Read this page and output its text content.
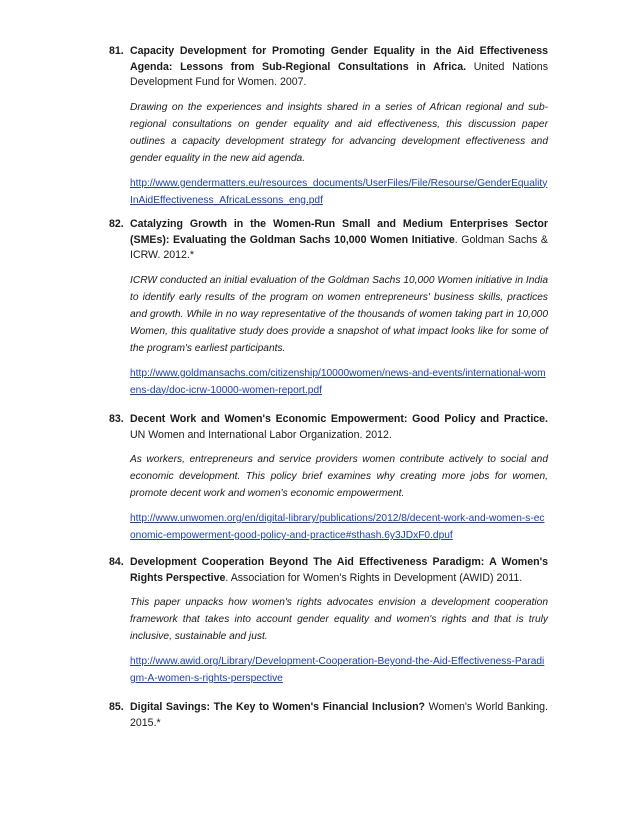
81. Capacity Development for Promoting Gender Equality in the Aid Effectiveness Agenda: Lessons from Sub-Regional Consultations in Africa. United Nations Development Fund for Women. 2007.
Drawing on the experiences and insights shared in a series of African regional and sub-regional consultations on gender equality and aid effectiveness, this discussion paper outlines a capacity development strategy for advancing development effectiveness and gender equality in the new aid agenda.
http://www.gendermatters.eu/resources_documents/UserFiles/File/Resourse/GenderEqualityInAidEffectiveness_AfricaLessons_eng.pdf
82. Catalyzing Growth in the Women-Run Small and Medium Enterprises Sector (SMEs): Evaluating the Goldman Sachs 10,000 Women Initiative. Goldman Sachs & ICRW. 2012.*
ICRW conducted an initial evaluation of the Goldman Sachs 10,000 Women initiative in India to identify early results of the program on women entrepreneurs' business skills, practices and growth. While in no way representative of the thousands of women taking part in 10,000 Women, this qualitative study does provide a snapshot of what impact looks like for some of the program's earliest participants.
http://www.goldmansachs.com/citizenship/10000women/news-and-events/international-womens-day/doc-icrw-10000-women-report.pdf
83. Decent Work and Women's Economic Empowerment: Good Policy and Practice. UN Women and International Labor Organization. 2012.
As workers, entrepreneurs and service providers women contribute actively to social and economic development. This policy brief examines why creating more jobs for women, promote decent work and women's economic empowerment.
http://www.unwomen.org/en/digital-library/publications/2012/8/decent-work-and-women-s-economic-empowerment-good-policy-and-practice#sthash.6y3JDxF0.dpuf
84. Development Cooperation Beyond The Aid Effectiveness Paradigm: A Women's Rights Perspective. Association for Women's Rights in Development (AWID) 2011.
This paper unpacks how women's rights advocates envision a development cooperation framework that takes into account gender equality and women's rights and that is truly inclusive, sustainable and just.
http://www.awid.org/Library/Development-Cooperation-Beyond-the-Aid-Effectiveness-Paradigm-A-women-s-rights-perspective
85. Digital Savings: The Key to Women's Financial Inclusion? Women's World Banking. 2015.*
